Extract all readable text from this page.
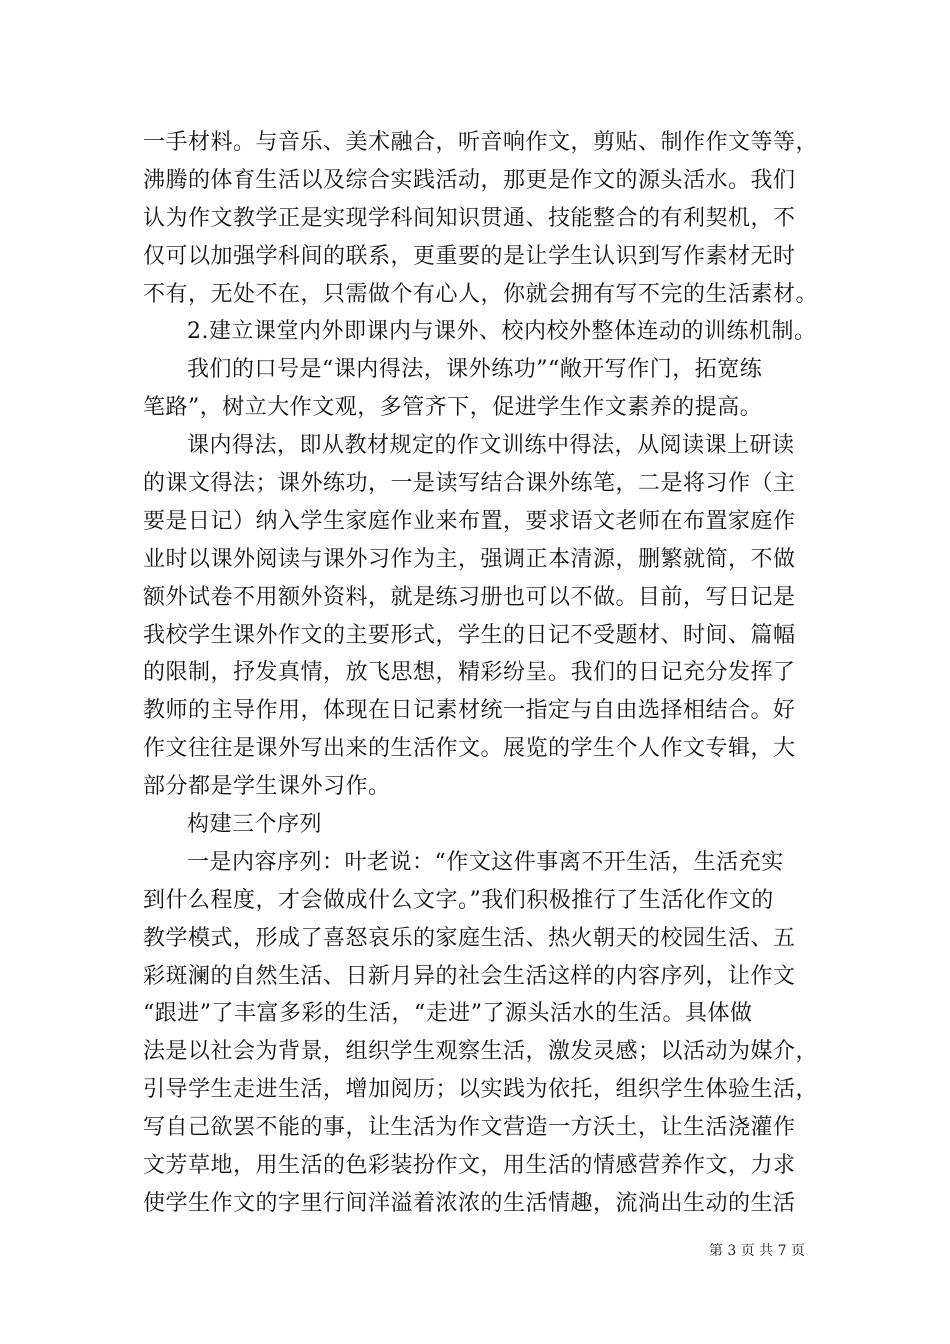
一手材料。与音乐、美术融合，听音响作文，剪贴、制作作文等等，
沸腾的体育生活以及综合实践活动，那更是作文的源头活水。我们
认为作文教学正是实现学科间知识贯通、技能整合的有利契机，不
仅可以加强学科间的联系，更重要的是让学生认识到写作素材无时
不有，无处不在，只需做个有心人，你就会拥有写不完的生活素材。
2.建立课堂内外即课内与课外、校内校外整体连动的训练机制。
我们的口号是“课内得法，课外练功”“敞开写作门，拓宽练
笔路”，树立大作文观，多管齐下，促进学生作文素养的提高。
课内得法，即从教材规定的作文训练中得法，从阅读课上研读
的课文得法；课外练功，一是读写结合课外练笔，二是将习作（主
要是日记）纳入学生家庭作业来布置，要求语文老师在布置家庭作
业时以课外阅读与课外习作为主，强调正本清源，删繁就简，不做
额外试卷不用额外资料，就是练习册也可以不做。目前，写日记是
我校学生课外作文的主要形式，学生的日记不受题材、时间、篇幅
的限制，抒发真情，放飞思想，精彩纷呈。我们的日记充分发挥了
教师的主导作用，体现在日记素材统一指定与自由选择相结合。好
作文往往是课外写出来的生活作文。展览的学生个人作文专辑，大
部分都是学生课外习作。
构建三个序列
一是内容序列：叶老说：“作文这件事离不开生活，生活充实
到什么程度，才会做成什么文字。”我们积极推行了生活化作文的
教学模式，形成了喜怒哀乐的家庭生活、热火朝天的校园生活、五
彩斑澜的自然生活、日新月异的社会生活这样的内容序列，让作文
“跟进”了丰富多彩的生活，“走进”了源头活水的生活。具体做
法是以社会为背景，组织学生观察生活，激发灵感；以活动为媒介，
引导学生走进生活，增加阅历；以实践为依托，组织学生体验生活，
写自己欲罢不能的事，让生活为作文营造一方沃土，让生活浇灌作
文芳草地，用生活的色彩装扮作文，用生活的情感营养作文，力求
使学生作文的字里行间洋溢着浓浓的生活情趣，流淌出生动的生活
第 3 页 共 7 页
